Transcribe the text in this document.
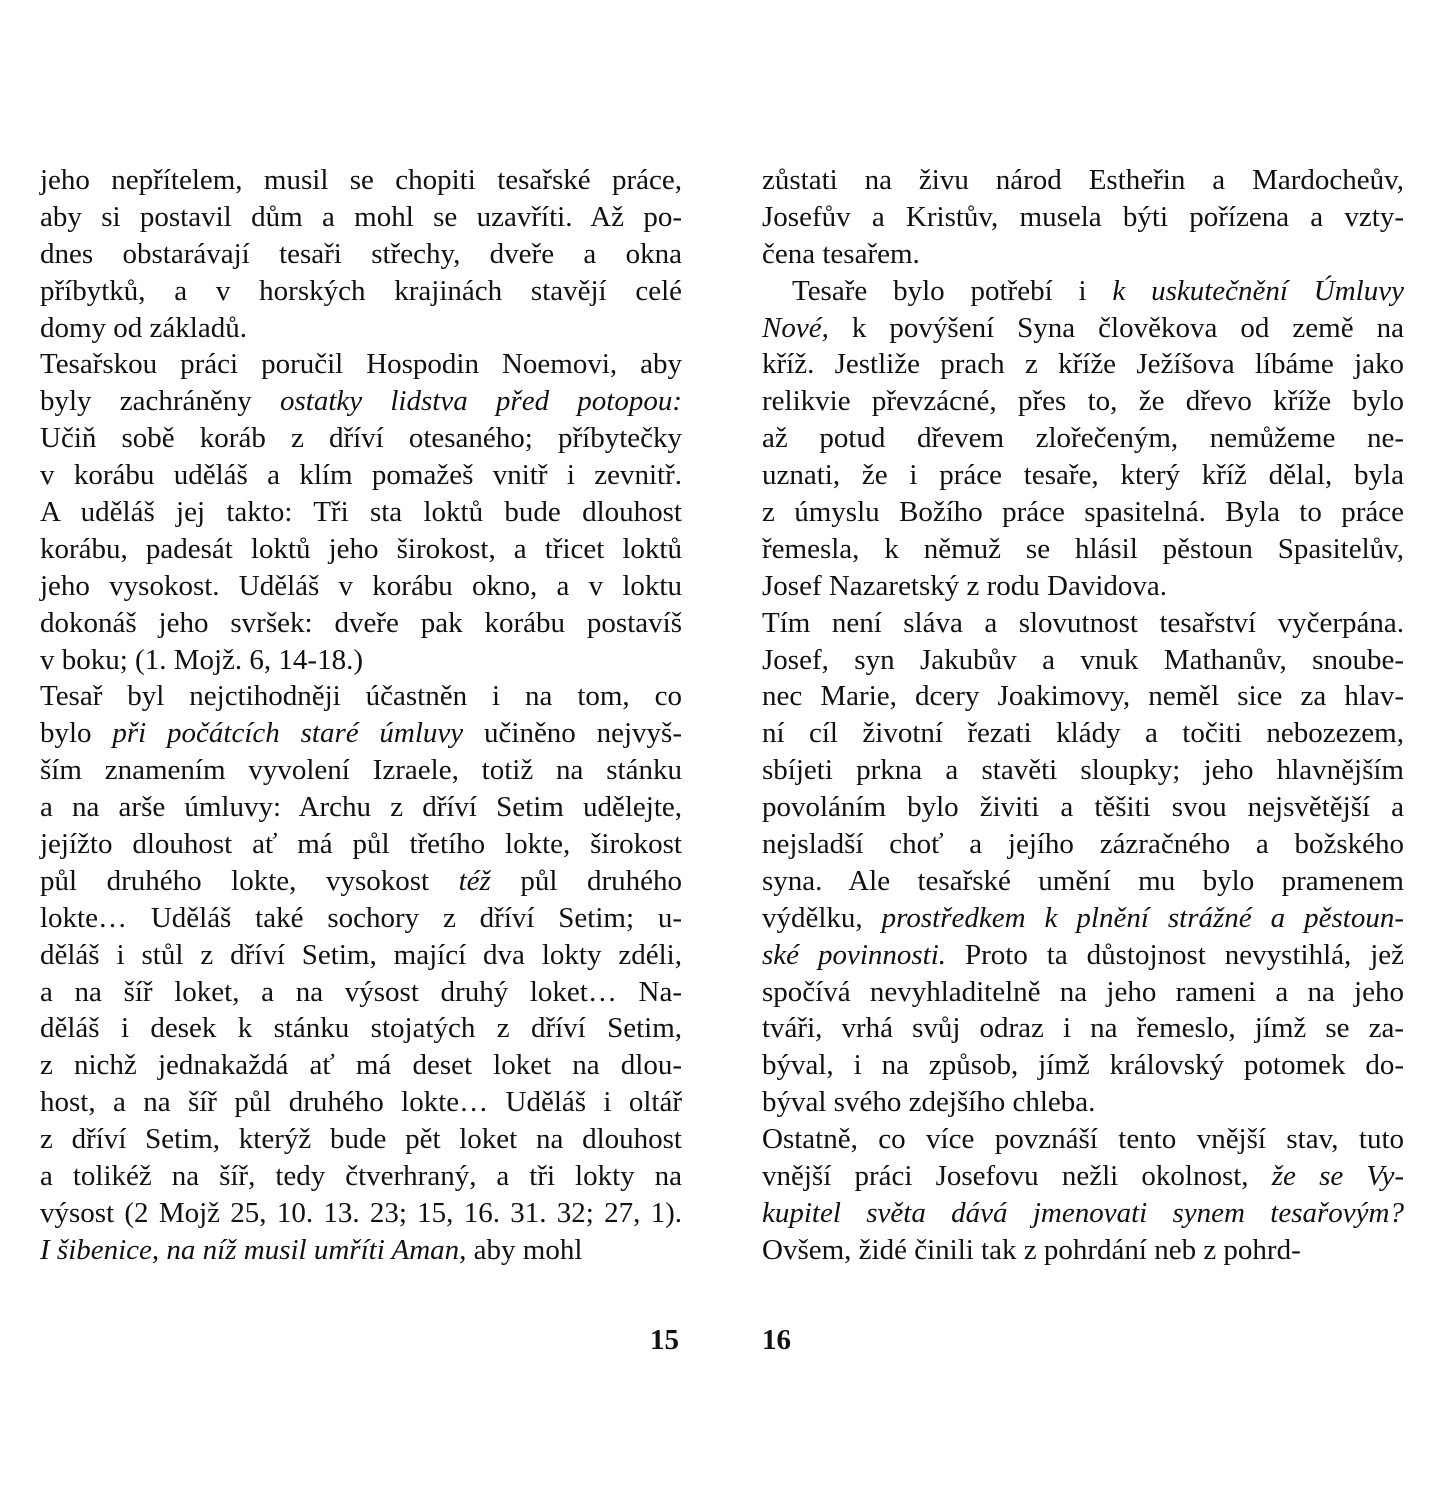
jeho nepřítelem, musil se chopiti tesařské práce,
aby si postavil dům a mohl se uzavříti. Až po-
dnes obstarávají tesaři střechy, dveře a okna
příbytků, a v horských krajinách stavějí celé
domy od základů.
Tesařskou práci poručil Hospodin Noemovi, aby
byly zachráněny ostatky lidstva před potopou:
Učiň sobě koráb z dříví otesaného; příbytečky
v korábu uděláš a klím pomažeš vnitř i zevnitř.
A uděláš jej takto: Tři sta loktů bude dlouhost
korábu, padesát loktů jeho širokost, a třicet loktů
jeho vysokost. Uděláš v korábu okno, a v loktu
dokonáš jeho svršek: dveře pak korábu postavíš
v boku; (1. Mojž. 6, 14-18.)
Tesař byl nejctihodněji účastněn i na tom, co
bylo při počátcích staré úmluvy učiněno nejvyš-
ším znamením vyvolení Izraele, totiž na stánku
a na arše úmluvy: Archu z dříví Setim udělejte,
jejížto dlouhost ať má půl třetího lokte, širokost
půl druhého lokte, vysokost též půl druhého
lokte… Uděláš také sochory z dříví Setim; u-
děláš i stůl z dříví Setim, mající dva lokty zdéli,
a na šíř loket, a na výsost druhý loket… Na-
děláš i desek k stánku stojatých z dříví Setim,
z nichž jednakaždá ať má deset loket na dlou-
host, a na šíř půl druhého lokte… Uděláš i oltář
z dříví Setim, kterýž bude pět loket na dlouhost
a tolikéž na šíř, tedy čtverhraný, a tři lokty na
výsost (2 Mojž 25, 10. 13. 23; 15, 16. 31. 32; 27, 1).
I šibenice, na níž musil umříti Aman, aby mohl
15
zůstati na živu národ Estheřin a Mardocheův,
Josefův a Kristův, musela býti pořízena a vzty-
čena tesařem.
Tesaře bylo potřebí i k uskutečnění Úmluvy
Nové, k povýšení Syna člověkova od země na
kříž. Jestliže prach z kříže Ježíšova líbáme jako
relikvie převzácné, přes to, že dřevo kříže bylo
až potud dřevem zlořečeným, nemůžeme ne-
uznati, že i práce tesaře, který kříž dělal, byla
z úmyslu Božího práce spasitelná. Byla to práce
řemesla, k němuž se hlásil pěstoun Spasitelův,
Josef Nazaretský z rodu Davidova.
Tím není sláva a slovutnost tesařství vyčerpána.
Josef, syn Jakubův a vnuk Mathanův, snoube-
nec Marie, dcery Joakimovy, neměl sice za hlav-
ní cíl životní řezati klády a točiti nebozezem,
sbíjeti prkna a stavěti sloupky; jeho hlavnějším
povoláním bylo živiti a těšiti svou nejsvětější a
nejsladší choť a jejího zázračného a božského
syna. Ale tesařské umění mu bylo pramenem
výdělku, prostředkem k plnění strážné a pěstoun-
ské povinnosti. Proto ta důstojnost nevystihlá, jež
spočívá nevyhladitelně na jeho rameni a na jeho
tváři, vrhá svůj odraz i na řemeslo, jímž se za-
býval, i na způsob, jímž královský potomek do-
býval svého zdejšího chleba.
Ostatně, co více povznáší tento vnější stav, tuto
vnější práci Josefovu nežli okolnost, že se Vy-
kupitel světa dává jmenovati synem tesařovým?
Ovšem, židé činili tak z pohrdání neb z pohrd-
16
